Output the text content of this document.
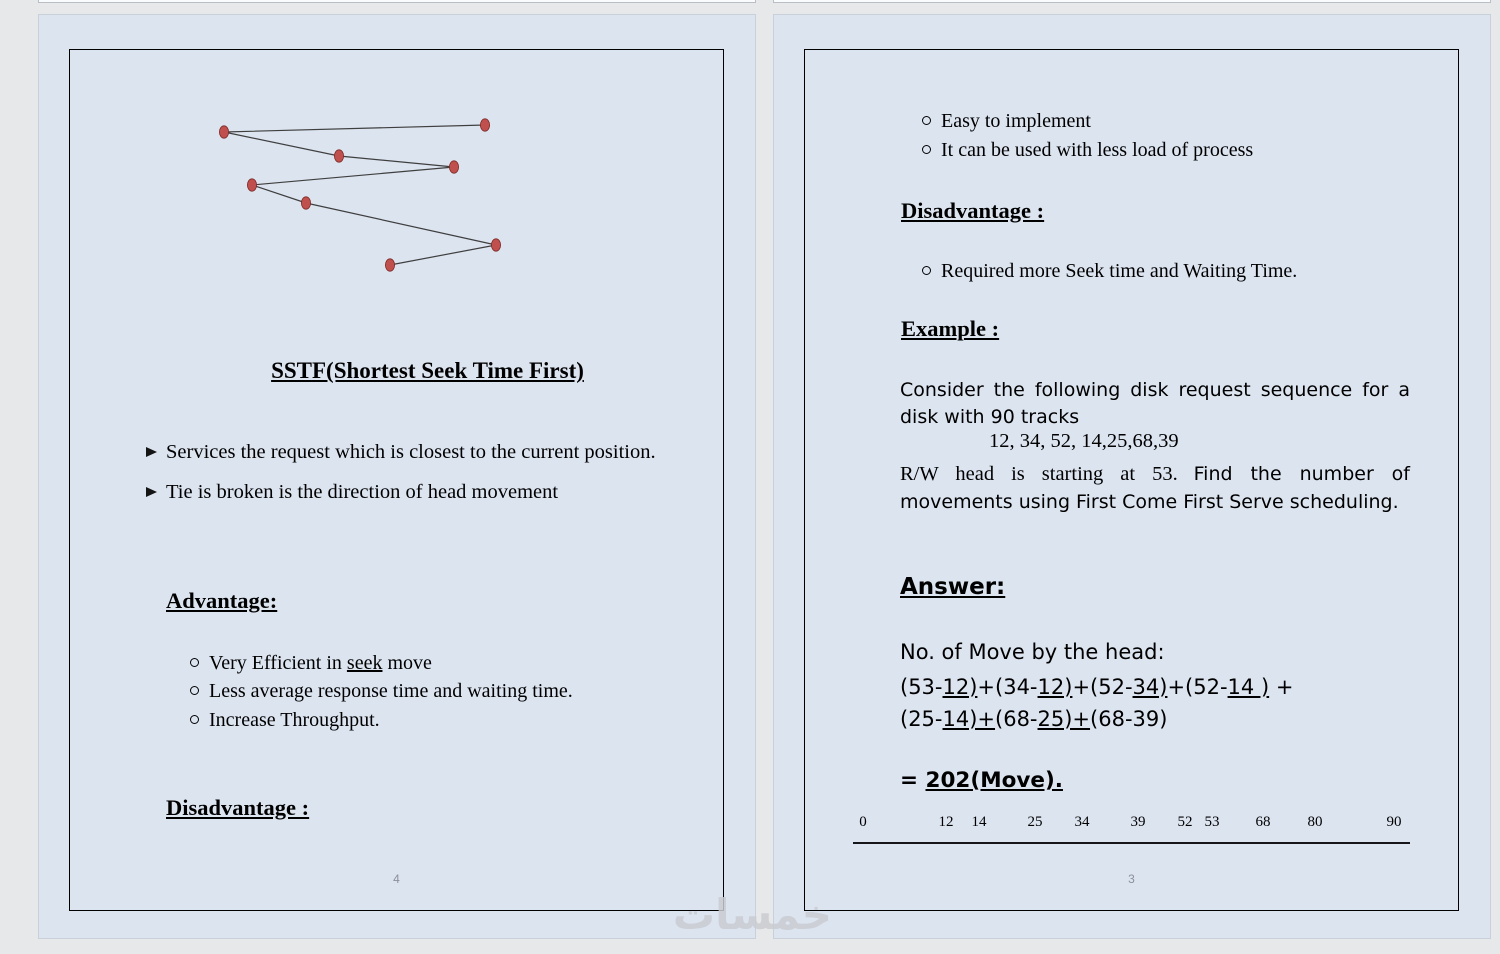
SSTF(Shortest Seek Time First)

Services the request which is closest to the current position.

Tie is broken is the direction of head movement

Advantage:

Very Efficient in seek move

Less average response time and waiting time.

Increase Throughput.

Disadvantage :
4

Easy to implement

It can be used with less load of process

Disadvantage :

Required more Seek time and Waiting Time.

Example :

Consider the following disk request sequence for a disk with 90 tracks

12, 34, 52, 14,25,68,39

R/W head is starting at 53. Find the number of movements using First Come First Serve scheduling.

Answer:

No. of Move by the head:

(53-12)+(34-12)+(52-34)+(52-14 ) +
(25-14)+(68-25)+(68-39)

= 202(Move).

0	12 14	25 34	39 52 53 68 80	90
3
خمسات
